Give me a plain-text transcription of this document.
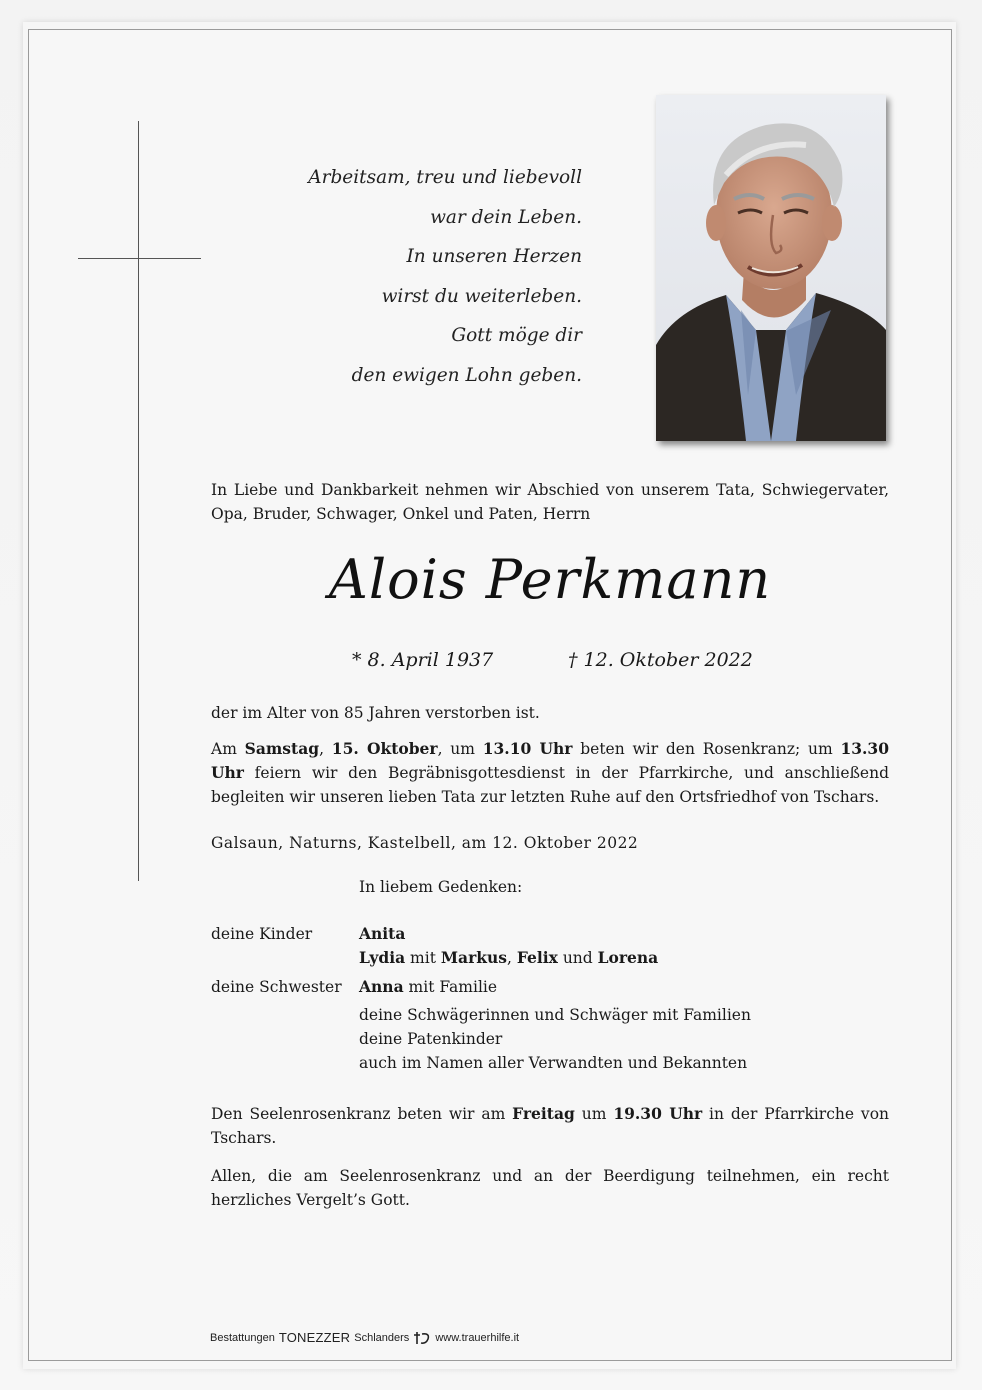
Arbeitsam, treu und liebevoll
war dein Leben.
In unseren Herzen
wirst du weiterleben.
Gott möge dir
den ewigen Lohn geben.
In Liebe und Dankbarkeit nehmen wir Abschied von unserem Tata, Schwiegervater, Opa, Bruder, Schwager, Onkel und Paten, Herrn
Alois Perkmann
* 8. April 1937	† 12. Oktober 2022
der im Alter von 85 Jahren verstorben ist.
Am Samstag, 15. Oktober, um 13.10 Uhr beten wir den Rosenkranz; um 13.30 Uhr feiern wir den Begräbnisgottesdienst in der Pfarrkirche, und anschließend begleiten wir unseren lieben Tata zur letzten Ruhe auf den Ortsfriedhof von Tschars.
Galsaun, Naturns, Kastelbell, am 12. Oktober 2022
In liebem Gedenken:
deine Kinder	Anita
Lydia mit Markus, Felix und Lorena
deine Schwester Anna mit Familie
deine Schwägerinnen und Schwäger mit Familien
deine Patenkinder
auch im Namen aller Verwandten und Bekannten
Den Seelenrosenkranz beten wir am Freitag um 19.30 Uhr in der Pfarrkirche von Tschars.
Allen, die am Seelenrosenkranz und an der Beerdigung teilnehmen, ein recht herzliches Vergelt’s Gott.
Bestattungen TONEZZER Schlanders www.trauerhilfe.it
